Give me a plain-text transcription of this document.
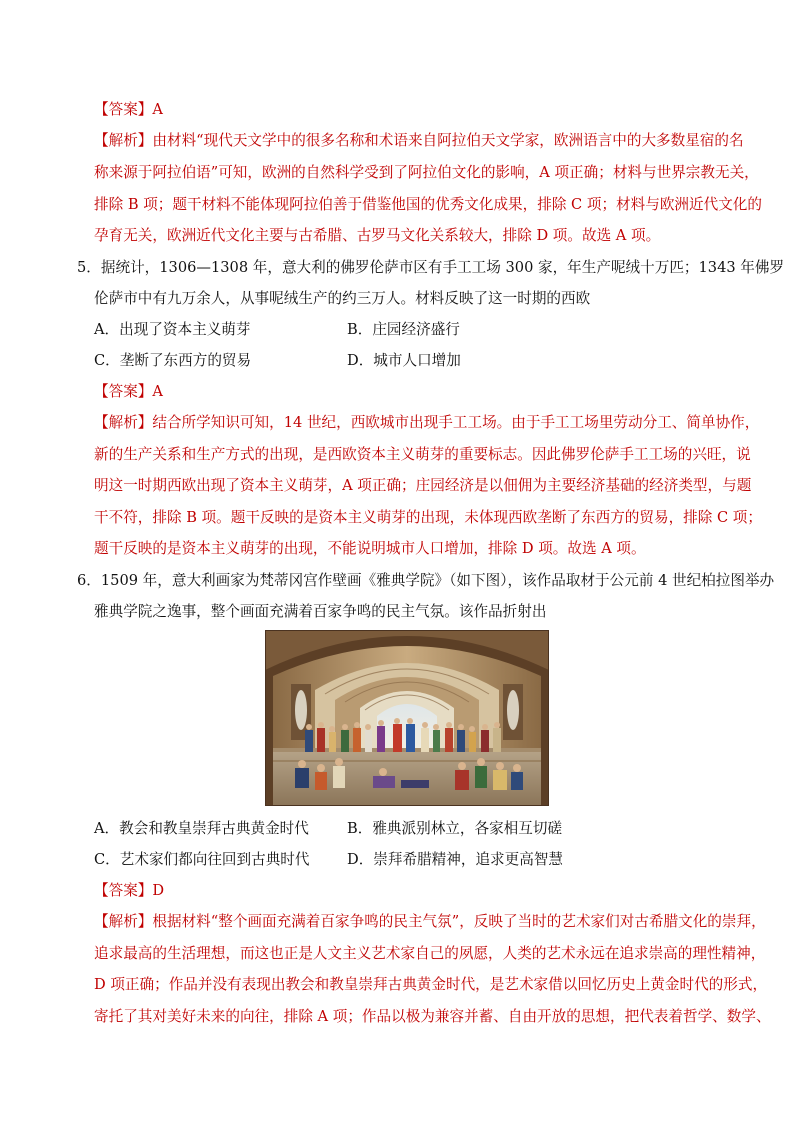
【答案】A
【解析】由材料“现代天文学中的很多名称和术语来自阿拉伯天文学家，欧洲语言中的大多数星宿的名
称来源于阿拉伯语”可知，欧洲的自然科学受到了阿拉伯文化的影响，A 项正确；材料与世界宗教无关，
排除 B 项；题干材料不能体现阿拉伯善于借鉴他国的优秀文化成果，排除 C 项；材料与欧洲近代文化的
孕育无关，欧洲近代文化主要与古希腊、古罗马文化关系较大，排除 D 项。故选 A 项。
5．据统计，1306—1308 年，意大利的佛罗伦萨市区有手工工场 300 家，年生产呢绒十万匹；1343 年佛罗
伦萨市中有九万余人，从事呢绒生产的约三万人。材料反映了这一时期的西欧
A．出现了资本主义萌芽	B．庄园经济盛行
C．垄断了东西方的贸易	D．城市人口增加
【答案】A
【解析】结合所学知识可知，14 世纪，西欧城市出现手工工场。由于手工工场里劳动分工、简单协作，
新的生产关系和生产方式的出现，是西欧资本主义萌芽的重要标志。因此佛罗伦萨手工工场的兴旺，说
明这一时期西欧出现了资本主义萌芽，A 项正确；庄园经济是以佃佣为主要经济基础的经济类型，与题
干不符，排除 B 项。题干反映的是资本主义萌芽的出现，未体现西欧垄断了东西方的贸易，排除 C 项；
题干反映的是资本主义萌芽的出现，不能说明城市人口增加，排除 D 项。故选 A 项。
6．1509 年，意大利画家为梵蒂冈宫作壁画《雅典学院》（如下图），该作品取材于公元前 4 世纪柏拉图举办
雅典学院之逸事，整个画面充满着百家争鸣的民主气氛。该作品折射出
A．教会和教皇崇拜古典黄金时代	B．雅典派别林立，各家相互切磋
C．艺术家们都向往回到古典时代	D．崇拜希腊精神，追求更高智慧
【答案】D
【解析】根据材料“整个画面充满着百家争鸣的民主气氛”，反映了当时的艺术家们对古希腊文化的崇拜，
追求最高的生活理想，而这也正是人文主义艺术家自己的夙愿，人类的艺术永远在追求崇高的理性精神，
D 项正确；作品并没有表现出教会和教皇崇拜古典黄金时代，是艺术家借以回忆历史上黄金时代的形式，
寄托了其对美好未来的向往，排除 A 项；作品以极为兼容并蓄、自由开放的思想，把代表着哲学、数学、
